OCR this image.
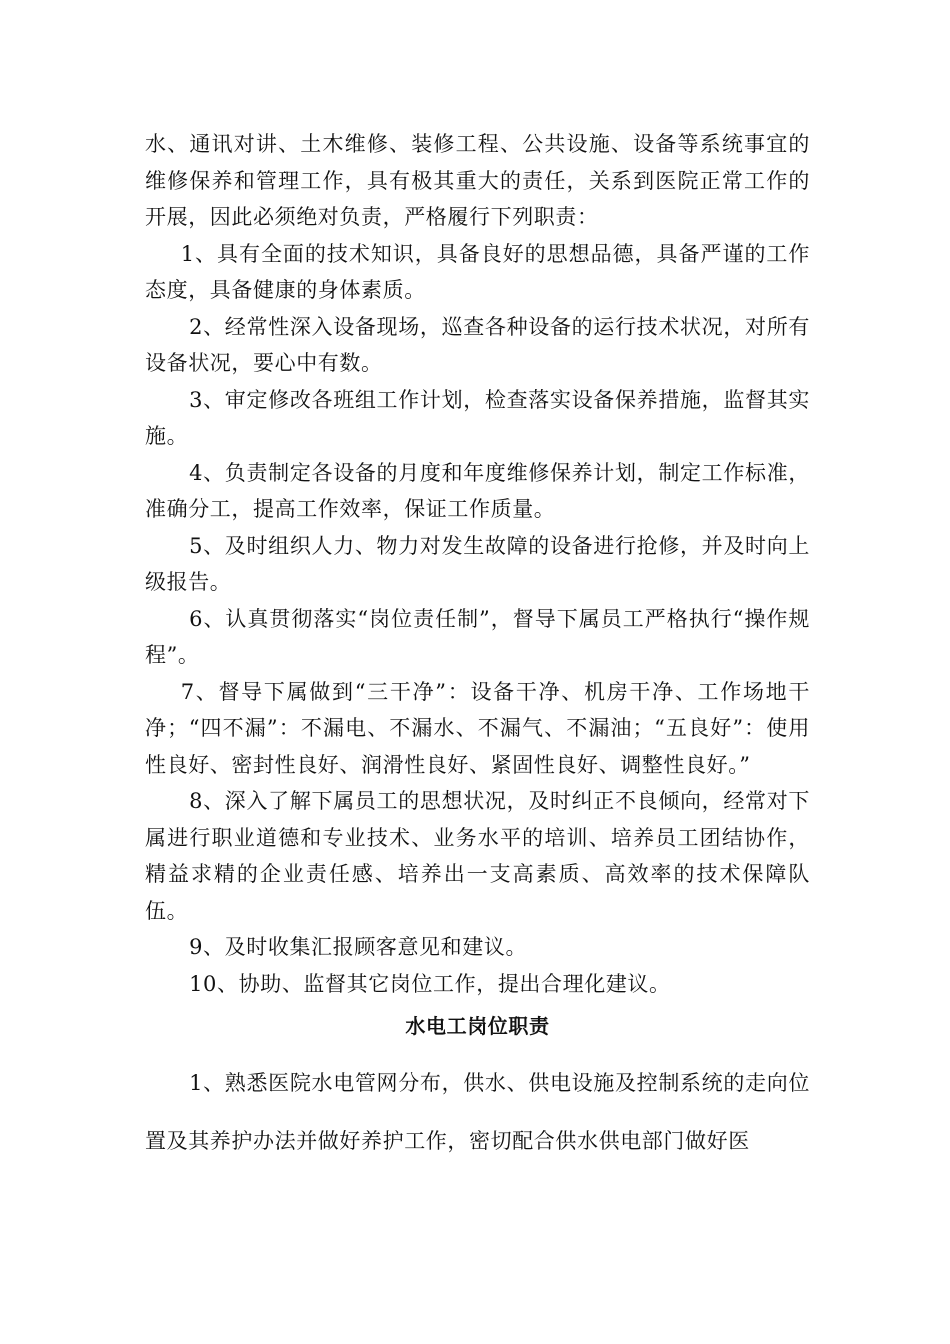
水、通讯对讲、土木维修、装修工程、公共设施、设备等系统事宜的维修保养和管理工作，具有极其重大的责任，关系到医院正常工作的开展，因此必须绝对负责，严格履行下列职责：

1、具有全面的技术知识，具备良好的思想品德，具备严谨的工作态度，具备健康的身体素质。

2、经常性深入设备现场，巡查各种设备的运行技术状况，对所有设备状况，要心中有数。

3、审定修改各班组工作计划，检查落实设备保养措施，监督其实施。

4、负责制定各设备的月度和年度维修保养计划，制定工作标准，准确分工，提高工作效率，保证工作质量。

5、及时组织人力、物力对发生故障的设备进行抢修，并及时向上级报告。

6、认真贯彻落实“岗位责任制”，督导下属员工严格执行“操作规程”。

7、督导下属做到“三干净”：设备干净、机房干净、工作场地干净；“四不漏”：不漏电、不漏水、不漏气、不漏油；“五良好”：使用性良好、密封性良好、润滑性良好、紧固性良好、调整性良好。”

8、深入了解下属员工的思想状况，及时纠正不良倾向，经常对下属进行职业道德和专业技术、业务水平的培训、培养员工团结协作，精益求精的企业责任感、培养出一支高素质、高效率的技术保障队伍。

9、及时收集汇报顾客意见和建议。

10、协助、监督其它岗位工作，提出合理化建议。

水电工岗位职责

1、熟悉医院水电管网分布，供水、供电设施及控制系统的走向位置及其养护办法并做好养护工作，密切配合供水供电部门做好医
